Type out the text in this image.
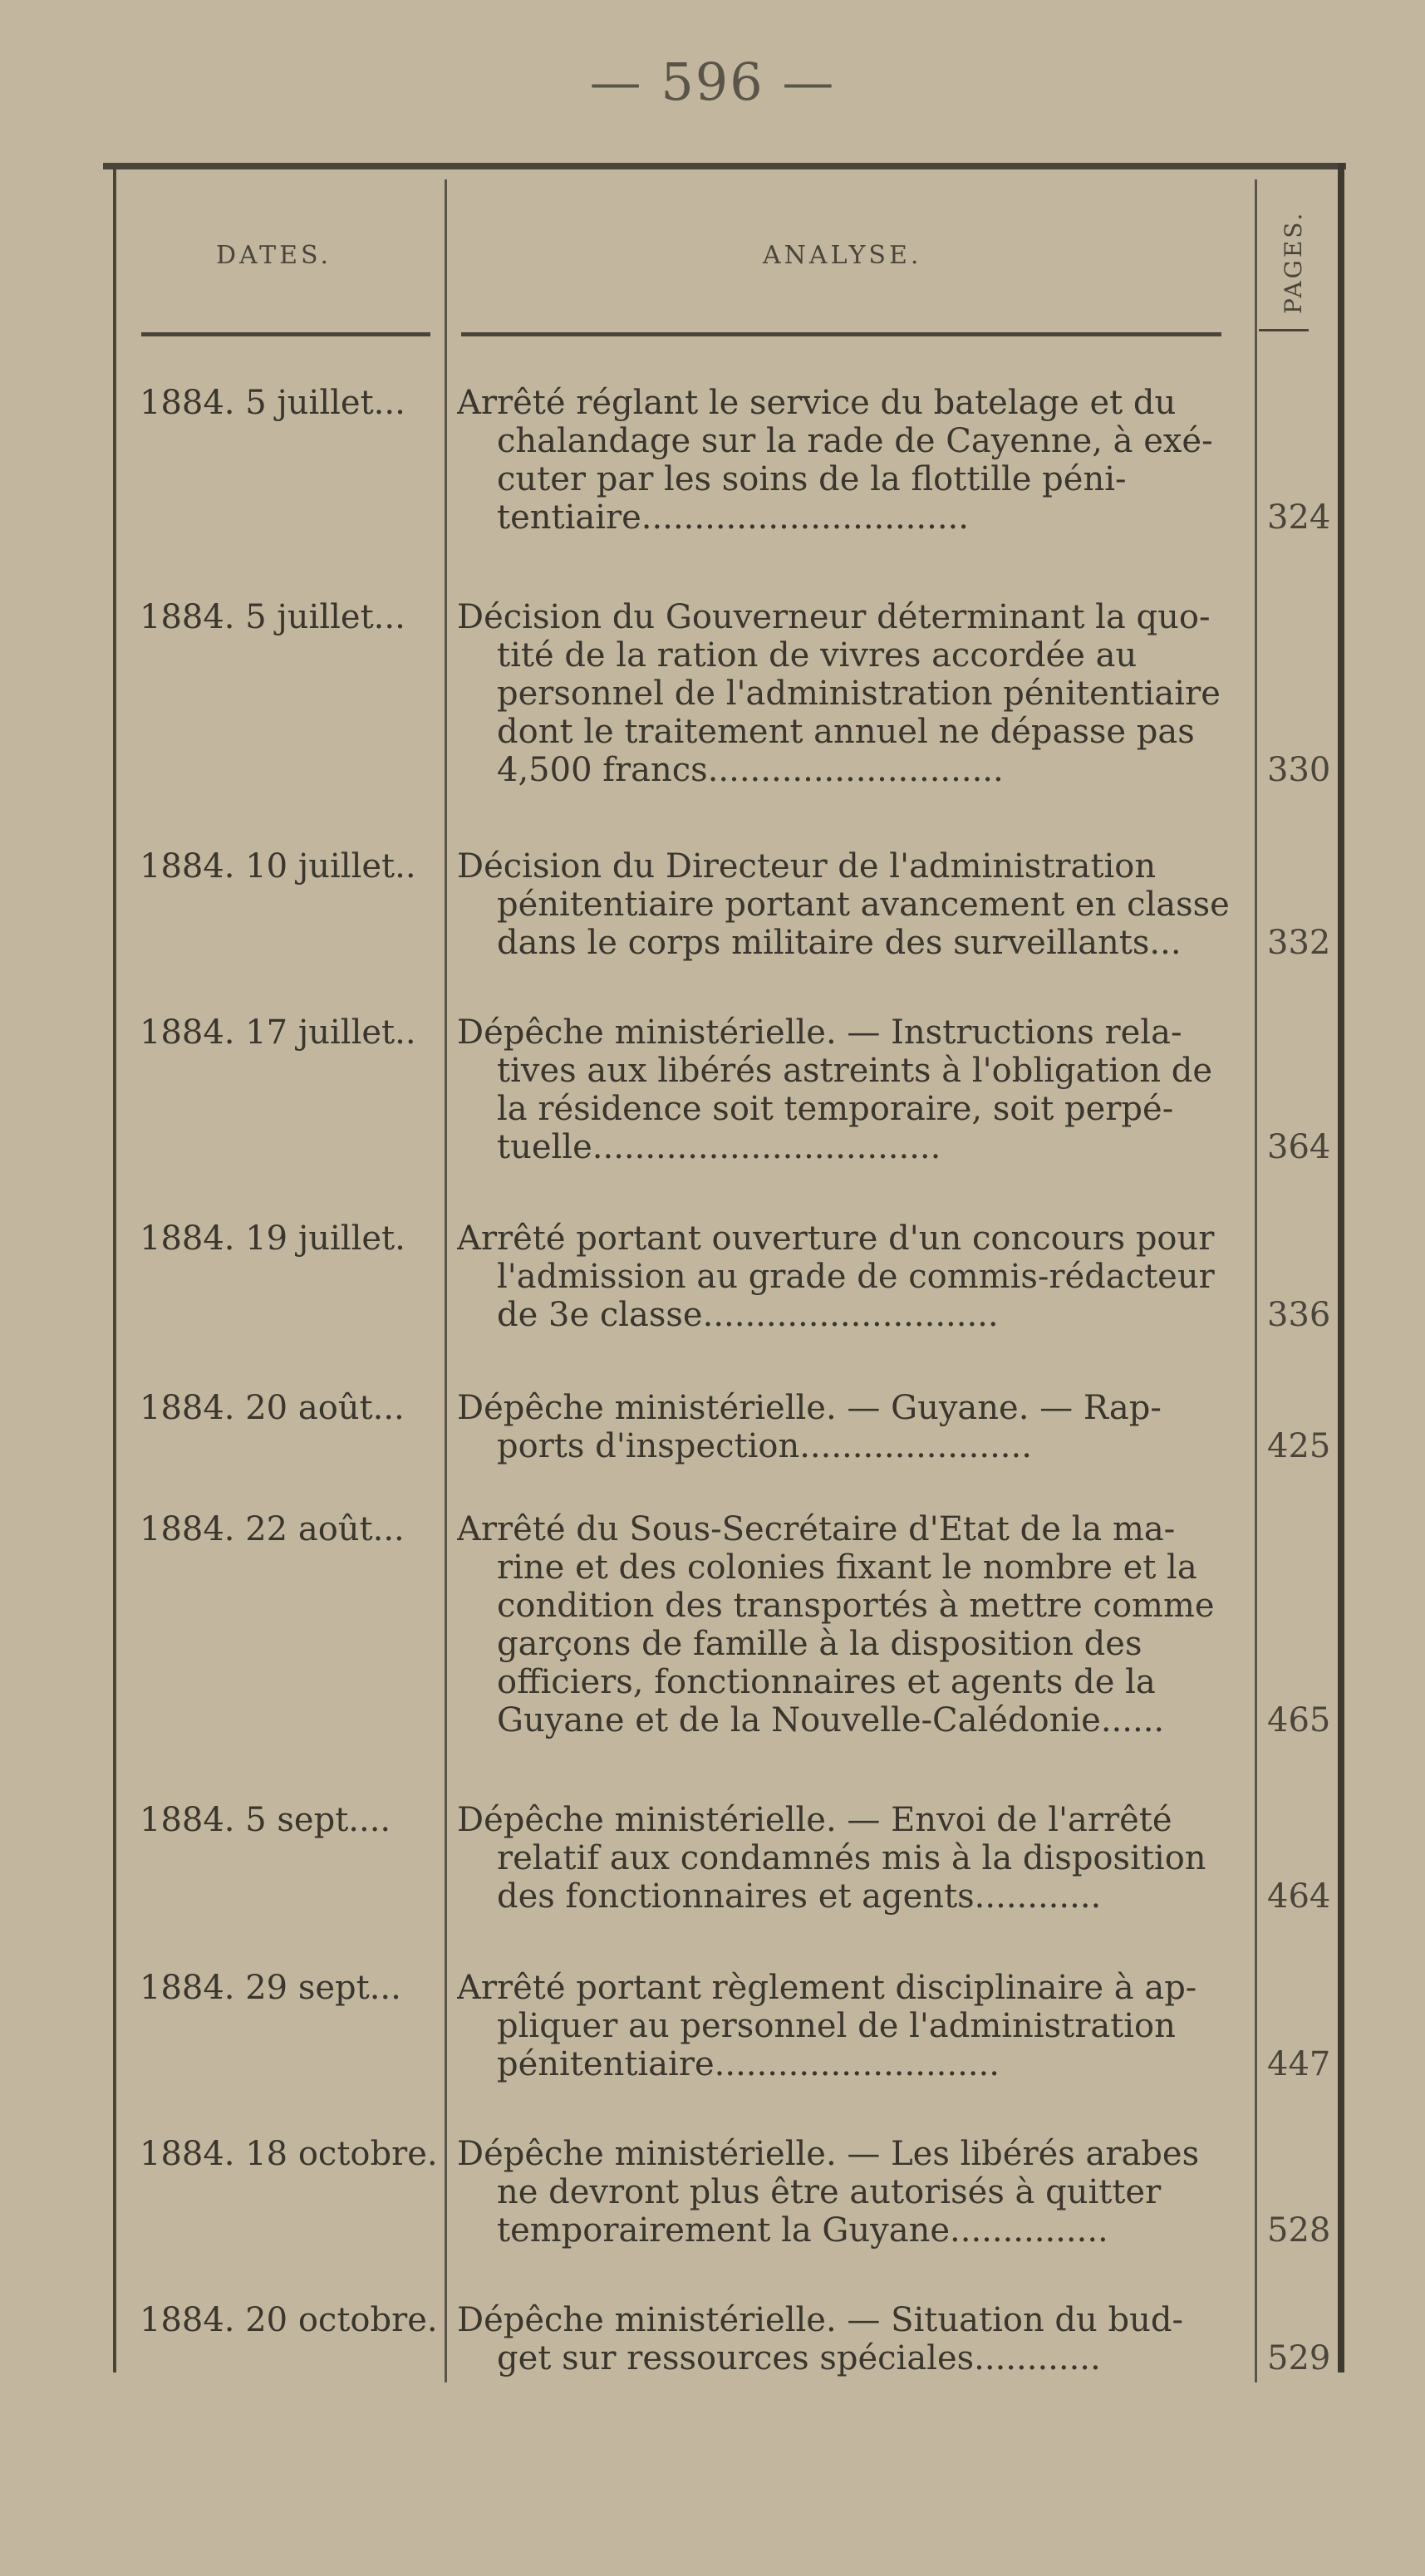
— 596 —
DATES.	ANALYSE.	PAGES.
1884. 5 juillet...	Arrêté réglant le service du batelage et du
chalandage sur la rade de Cayenne, à exé-
cuter par les soins de la flottille péni-
tentiaire...............................	324
1884. 5 juillet...	Décision du Gouverneur déterminant la quo-
tité de la ration de vivres accordée au
personnel de l'administration pénitentiaire
dont le traitement annuel ne dépasse pas
4,500 francs............................	330
1884. 10 juillet..	Décision du Directeur de l'administration
pénitentiaire portant avancement en classe
dans le corps militaire des surveillants...	332
1884. 17 juillet..	Dépêche ministérielle. — Instructions rela-
tives aux libérés astreints à l'obligation de
la résidence soit temporaire, soit perpé-
tuelle.................................	364
1884. 19 juillet.	Arrêté portant ouverture d'un concours pour
l'admission au grade de commis-rédacteur
de 3e classe............................	336
1884. 20 août...	Dépêche ministérielle. — Guyane. — Rap-
ports d'inspection......................	425
1884. 22 août...	Arrêté du Sous-Secrétaire d'Etat de la ma-
rine et des colonies fixant le nombre et la
condition des transportés à mettre comme
garçons de famille à la disposition des
officiers, fonctionnaires et agents de la
Guyane et de la Nouvelle-Calédonie......	465
1884. 5 sept....	Dépêche ministérielle. — Envoi de l'arrêté
relatif aux condamnés mis à la disposition
des fonctionnaires et agents............	464
1884. 29 sept...	Arrêté portant règlement disciplinaire à ap-
pliquer au personnel de l'administration
pénitentiaire...........................	447
1884. 18 octobre. Dépêche ministérielle. — Les libérés arabes
ne devront plus être autorisés à quitter
temporairement la Guyane...............	528
1884. 20 octobre. Dépêche ministérielle. — Situation du bud-
get sur ressources spéciales............	529
